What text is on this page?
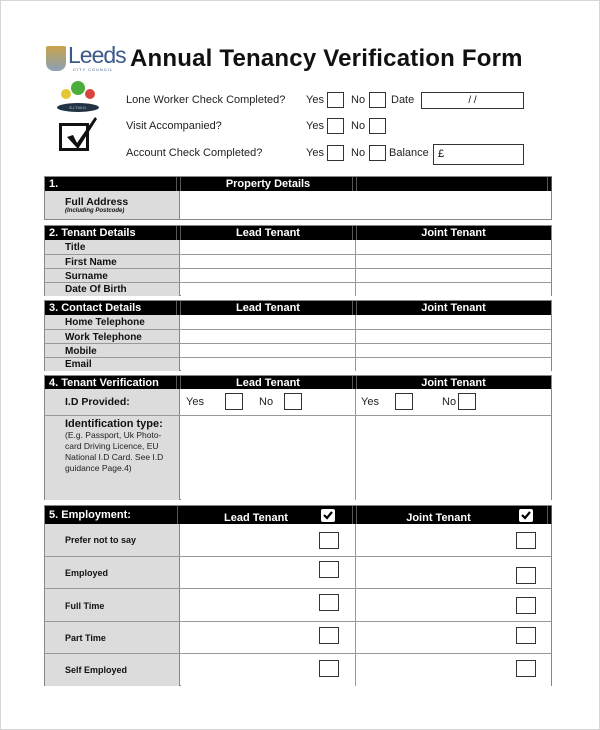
Leeds
CITY COUNCIL Annual Tenancy Verification Form
S.I.T.M.O.
Lone Worker Check Completed? Yes No Date	/ /
Visit Accompanied?	Yes No
Account Check Completed?	Yes No Balance £
1.	Property Details
Full Address
(Including Postcode)
2. Tenant Details	Lead Tenant	Joint Tenant
Title
First Name
Surname
Date Of Birth
3. Contact Details	Lead Tenant	Joint Tenant
Home Telephone
Work Telephone
Mobile
Email
4. Tenant Verification	Lead Tenant	Joint Tenant
I.D Provided:	Yes	No	Yes	No
Identification type:
(E.g. Passport, Uk Photo-card Driving Licence, EU National I.D Card. See I.D guidance Page.4)
5. Employment:	Lead Tenant	Joint Tenant
Prefer not to say
Employed
Full Time
Part Time
Self Employed
